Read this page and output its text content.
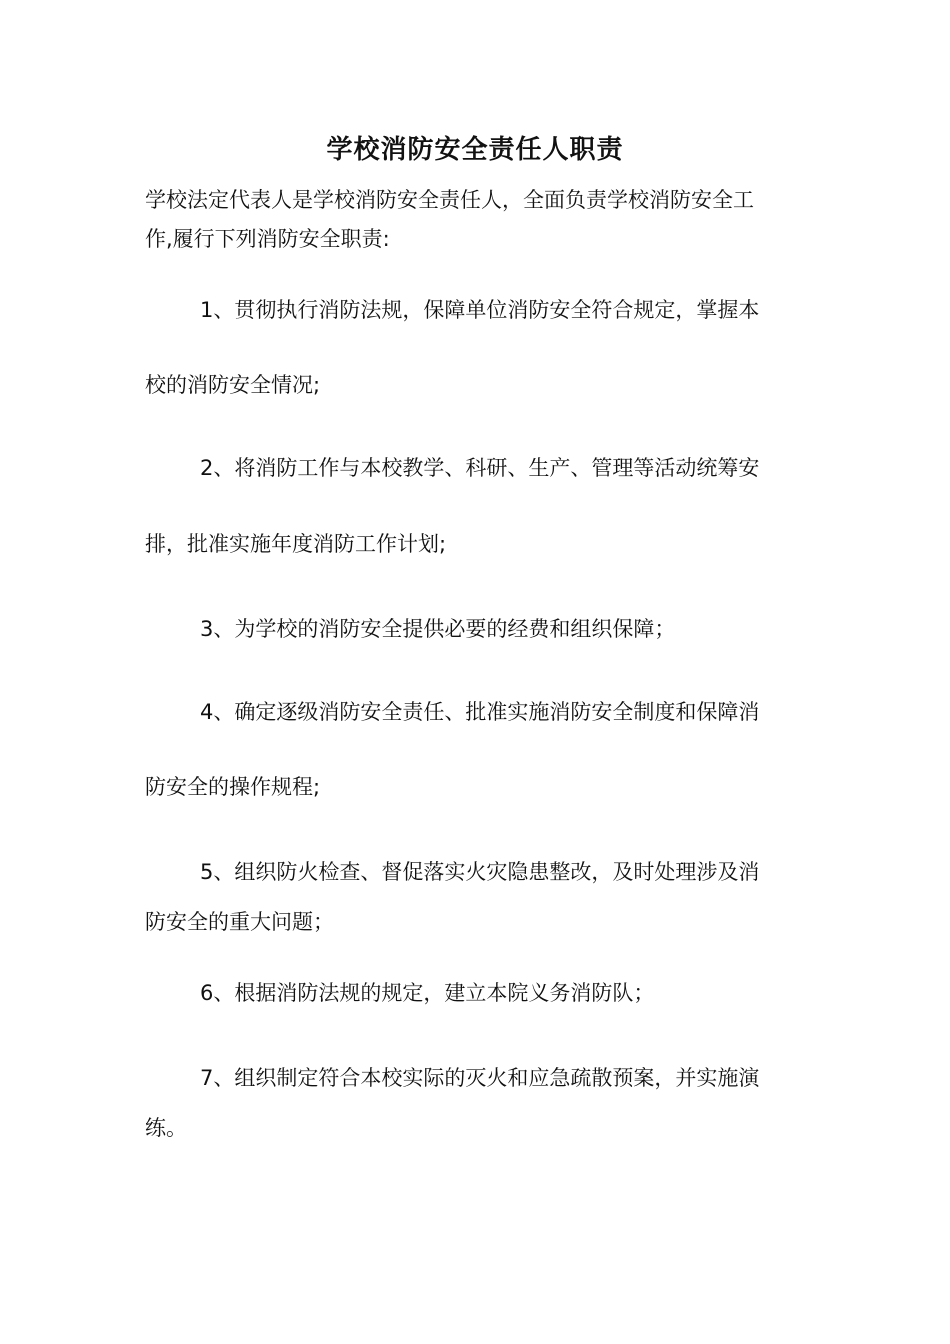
学校消防安全责任人职责

学校法定代表人是学校消防安全责任人，全面负责学校消防安全工

作,履行下列消防安全职责:

1、贯彻执行消防法规，保障单位消防安全符合规定，掌握本

校的消防安全情况;

2、将消防工作与本校教学、科研、生产、管理等活动统筹安

排，批准实施年度消防工作计划;

3、为学校的消防安全提供必要的经费和组织保障；

4、确定逐级消防安全责任、批准实施消防安全制度和保障消

防安全的操作规程;

5、组织防火检查、督促落实火灾隐患整改，及时处理涉及消

防安全的重大问题；

6、根据消防法规的规定，建立本院义务消防队；

7、组织制定符合本校实际的灭火和应急疏散预案，并实施演

练。
